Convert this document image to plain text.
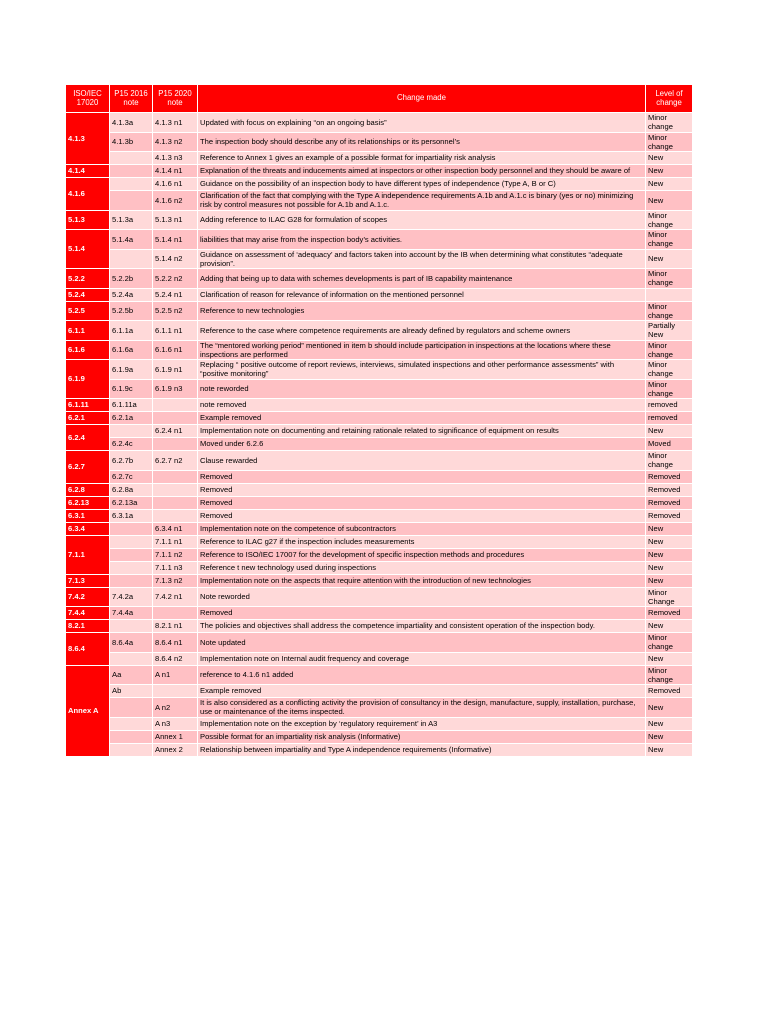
ISO/IEC 17020	P15 2016 note	P15 2020 note	Change made	Level of change
4.1.3	4.1.3a	4.1.3 n1	Updated with focus on explaining “on an ongoing basis”	Minor change
	4.1.3b	4.1.3 n2	The inspection body should describe any of its relationships or its personnel’s	Minor change
		4.1.3 n3	Reference to Annex 1 gives an example of a possible format for impartiality risk analysis	New
4.1.4		4.1.4 n1	Explanation of the threats and inducements aimed at inspectors or other inspection body personnel and they should be aware of	New
4.1.6		4.1.6 n1	Guidance on the possibility of an inspection body to have different types of independence (Type A, B or C)	New
		4.1.6 n2	Clarification of the fact that complying with the Type A independence requirements A.1b and A.1.c is binary (yes or no) minimizing risk by control measures not possible for A.1b and A.1.c.	New
5.1.3	5.1.3a	5.1.3 n1	Adding reference to ILAC G28 for formulation of scopes	Minor change
5.1.4	5.1.4a	5.1.4 n1	liabilities that may arise from the inspection body’s activities.	Minor change
		5.1.4 n2	Guidance on assessment of ‘adequacy’ and factors taken into account by the IB when determining what constitutes “adequate provision”.	New
5.2.2	5.2.2b	5.2.2 n2	Adding that being up to data with schemes developments is part of IB capability maintenance	Minor change
5.2.4	5.2.4a	5.2.4 n1	Clarification of reason for relevance of information on the mentioned personnel	
5.2.5	5.2.5b	5.2.5 n2	Reference to new technologies	Minor change
6.1.1	6.1.1a	6.1.1 n1	Reference to the case where competence requirements are already defined by regulators and scheme owners	Partially New
6.1.6	6.1.6a	6.1.6 n1	The “mentored working period” mentioned in item b should include participation in inspections at the locations where these inspections are performed	Minor change
6.1.9	6.1.9a	6.1.9 n1	Replacing “ positive outcome of report reviews, interviews, simulated inspections and other performance assessments” with “positive monitoring”	Minor change
	6.1.9c	6.1.9 n3	note reworded	Minor change
6.1.11	6.1.11a		note removed	removed
6.2.1	6.2.1a		Example removed	removed
6.2.4		6.2.4 n1	Implementation note on documenting and retaining rationale related to significance of equipment on results	New
	6.2.4c		Moved under 6.2.6	Moved
6.2.7	6.2.7b	6.2.7 n2	Clause rewarded	Minor change
	6.2.7c		Removed	Removed
6.2.8	6.2.8a		Removed	Removed
6.2.13	6.2.13a		Removed	Removed
6.3.1	6.3.1a		Removed	Removed
6.3.4		6.3.4 n1	Implementation note on the competence of subcontractors	New
7.1.1		7.1.1 n1	Reference to ILAC g27 if the inspection includes measurements	New
		7.1.1 n2	Reference to ISO/IEC 17007 for the development of specific inspection methods and procedures	New
		7.1.1 n3	Reference t new technology used during inspections	New
7.1.3		7.1.3 n2	Implementation note on the aspects that require attention with the introduction of new technologies	New
7.4.2	7.4.2a	7.4.2 n1	Note reworded	Minor Change
7.4.4	7.4.4a		Removed	Removed
8.2.1		8.2.1 n1	The policies and objectives shall address the competence impartiality and consistent operation of the inspection body.	New
8.6.4	8.6.4a	8.6.4 n1	Note updated	Minor change
		8.6.4 n2	Implementation note on Internal audit frequency and coverage	New
Annex A	Aa	A n1	reference to 4.1.6 n1 added	Minor change
	Ab		Example removed	Removed
		A n2	It is also considered as a conflicting activity the provision of consultancy in the design, manufacture, supply, installation, purchase, use or maintenance of the items inspected.	New
		A n3	Implementation note on the exception by ‘regulatory requirement’ in A3	New
		Annex 1	Possible format for an impartiality risk analysis (Informative)	New
		Annex 2	Relationship between impartiality and Type A independence requirements (Informative)	New
